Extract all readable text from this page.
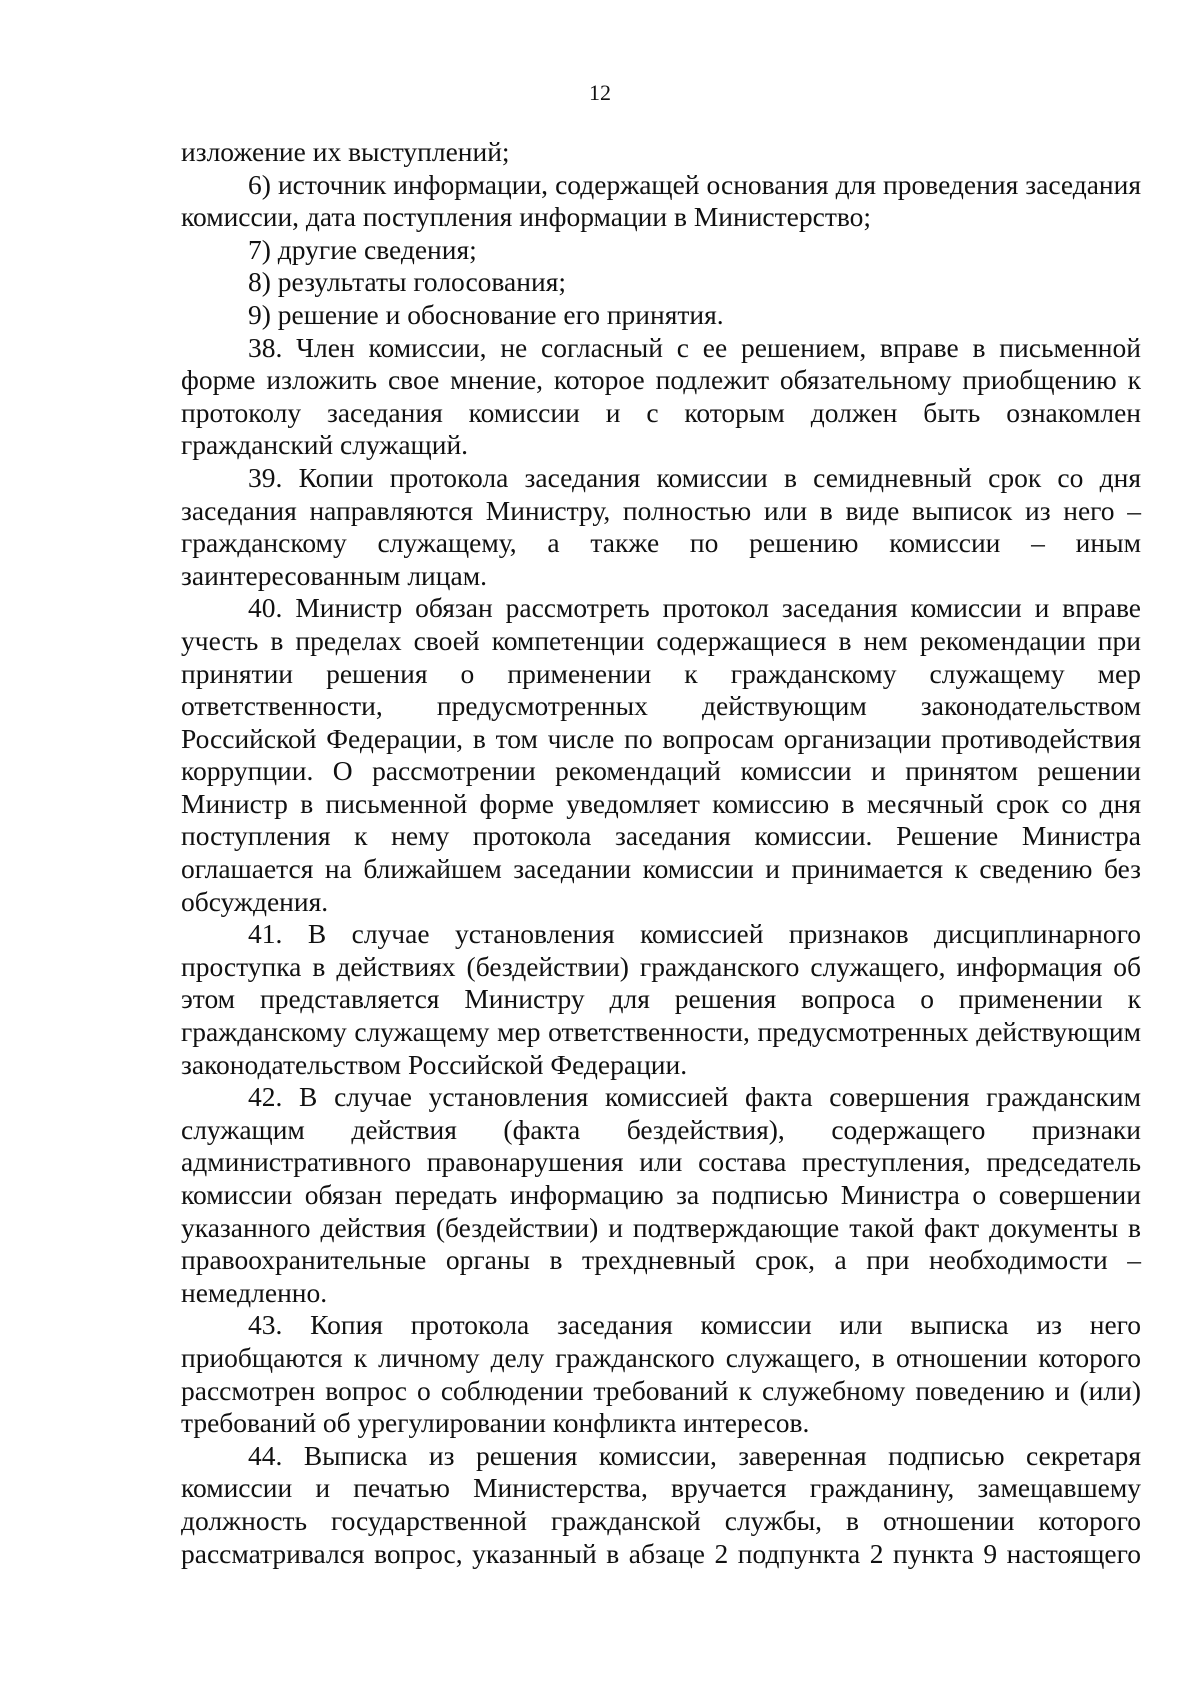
12

изложение их выступлений;

6) источник информации, содержащей основания для проведения заседания комиссии, дата поступления информации в Министерство;

7) другие сведения;

8) результаты голосования;

9) решение и обоснование его принятия.

38. Член комиссии, не согласный с ее решением, вправе в письменной форме изложить свое мнение, которое подлежит обязательному приобщению к протоколу заседания комиссии и с которым должен быть ознакомлен гражданский служащий.

39. Копии протокола заседания комиссии в семидневный срок со дня заседания направляются Министру, полностью или в виде выписок из него – гражданскому служащему, а также по решению комиссии – иным заинтересованным лицам.

40. Министр обязан рассмотреть протокол заседания комиссии и вправе учесть в пределах своей компетенции содержащиеся в нем рекомендации при принятии решения о применении к гражданскому служащему мер ответственности, предусмотренных действующим законодательством Российской Федерации, в том числе по вопросам организации противодействия коррупции. О рассмотрении рекомендаций комиссии и принятом решении Министр в письменной форме уведомляет комиссию в месячный срок со дня поступления к нему протокола заседания комиссии. Решение Министра оглашается на ближайшем заседании комиссии и принимается к сведению без обсуждения.

41. В случае установления комиссией признаков дисциплинарного проступка в действиях (бездействии) гражданского служащего, информация об этом представляется Министру для решения вопроса о применении к гражданскому служащему мер ответственности, предусмотренных действующим законодательством Российской Федерации.

42. В случае установления комиссией факта совершения гражданским служащим действия (факта бездействия), содержащего признаки административного правонарушения или состава преступления, председатель комиссии обязан передать информацию за подписью Министра о совершении указанного действия (бездействии) и подтверждающие такой факт документы в правоохранительные органы в трехдневный срок, а при необходимости – немедленно.

43. Копия протокола заседания комиссии или выписка из него приобщаются к личному делу гражданского служащего, в отношении которого рассмотрен вопрос о соблюдении требований к служебному поведению и (или) требований об урегулировании конфликта интересов.

44. Выписка из решения комиссии, заверенная подписью секретаря комиссии и печатью Министерства, вручается гражданину, замещавшему должность государственной гражданской службы, в отношении которого рассматривался вопрос, указанный в абзаце 2 подпункта 2 пункта 9 настоящего
